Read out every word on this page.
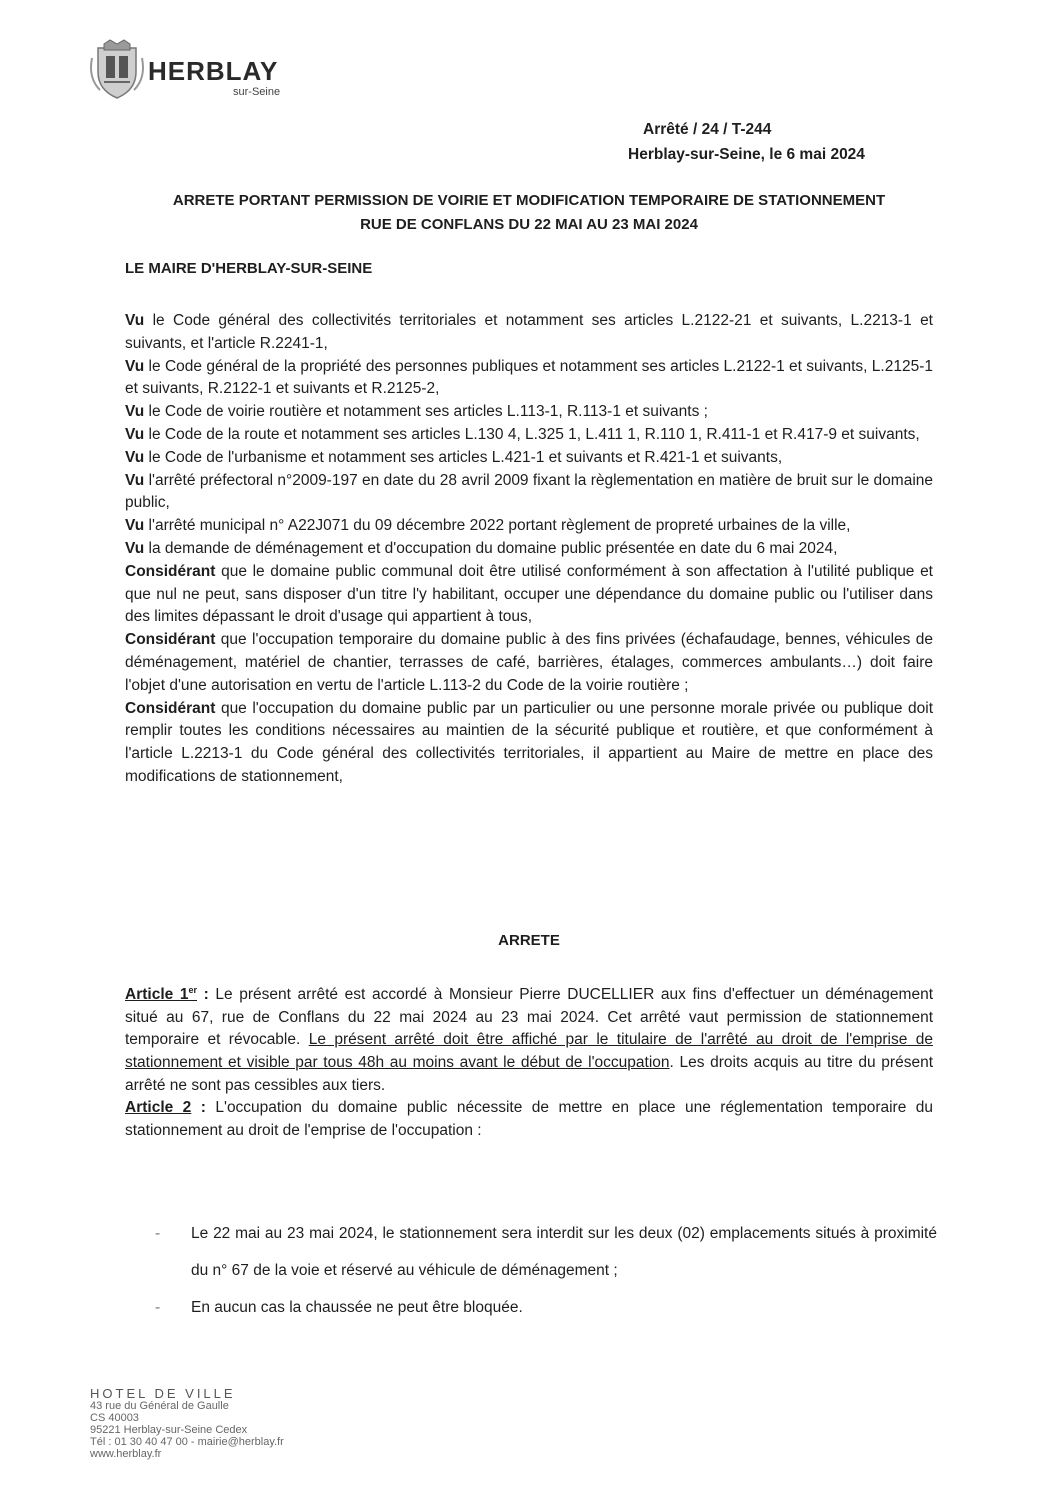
HERBLAY
sur-Seine
Arrêté / 24 / T-244
Herblay-sur-Seine, le 6 mai 2024
ARRETE PORTANT PERMISSION DE VOIRIE ET MODIFICATION TEMPORAIRE DE STATIONNEMENT
RUE DE CONFLANS DU 22 MAI AU 23 MAI 2024
LE MAIRE D'HERBLAY-SUR-SEINE

Vu le Code général des collectivités territoriales et notamment ses articles L.2122-21 et suivants, L.2213-1 et suivants, et l'article R.2241-1,

Vu le Code général de la propriété des personnes publiques et notamment ses articles L.2122-1 et suivants, L.2125-1 et suivants, R.2122-1 et suivants et R.2125-2,

Vu le Code de voirie routière et notamment ses articles L.113-1, R.113-1 et suivants ;

Vu le Code de la route et notamment ses articles L.130 4, L.325 1, L.411 1, R.110 1, R.411-1 et R.417-9 et suivants,

Vu le Code de l'urbanisme et notamment ses articles L.421-1 et suivants et R.421-1 et suivants,

Vu l'arrêté préfectoral n°2009-197 en date du 28 avril 2009 fixant la règlementation en matière de bruit sur le domaine public,

Vu l'arrêté municipal n° A22J071 du 09 décembre 2022 portant règlement de propreté urbaines de la ville,

Vu la demande de déménagement et d'occupation du domaine public présentée en date du 6 mai 2024,

Considérant que le domaine public communal doit être utilisé conformément à son affectation à l'utilité publique et que nul ne peut, sans disposer d'un titre l'y habilitant, occuper une dépendance du domaine public ou l'utiliser dans des limites dépassant le droit d'usage qui appartient à tous,

Considérant que l'occupation temporaire du domaine public à des fins privées (échafaudage, bennes, véhicules de déménagement, matériel de chantier, terrasses de café, barrières, étalages, commerces ambulants…) doit faire l'objet d'une autorisation en vertu de l'article L.113-2 du Code de la voirie routière ;

Considérant que l'occupation du domaine public par un particulier ou une personne morale privée ou publique doit remplir toutes les conditions nécessaires au maintien de la sécurité publique et routière, et que conformément à l'article L.2213-1 du Code général des collectivités territoriales, il appartient au Maire de mettre en place des modifications de stationnement,

ARRETE

Article 1er : Le présent arrêté est accordé à Monsieur Pierre DUCELLIER aux fins d'effectuer un déménagement situé au 67, rue de Conflans du 22 mai 2024 au 23 mai 2024. Cet arrêté vaut permission de stationnement temporaire et révocable. Le présent arrêté doit être affiché par le titulaire de l'arrêté au droit de l'emprise de stationnement et visible par tous 48h au moins avant le début de l'occupation. Les droits acquis au titre du présent arrêté ne sont pas cessibles aux tiers.

Article 2 : L'occupation du domaine public nécessite de mettre en place une réglementation temporaire du stationnement au droit de l'emprise de l'occupation :

- Le 22 mai au 23 mai 2024, le stationnement sera interdit sur les deux (02) emplacements situés à proximité du n° 67 de la voie et réservé au véhicule de déménagement ;
- En aucun cas la chaussée ne peut être bloquée.
HOTEL DE VILLE
43 rue du Général de Gaulle
CS 40003
95221 Herblay-sur-Seine Cedex
Tél : 01 30 40 47 00 - mairie@herblay.fr
www.herblay.fr
